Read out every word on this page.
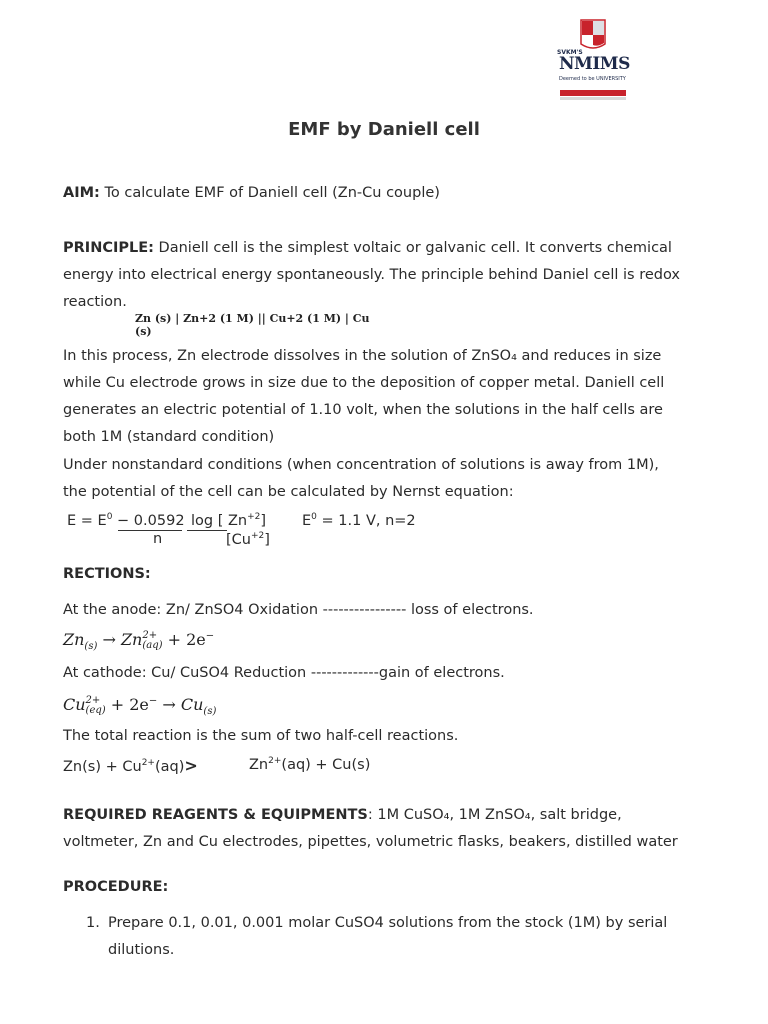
SVKM'S
NMIMS
Deemed to be UNIVERSITY
EMF by Daniell cell
AIM: To calculate EMF of Daniell cell (Zn-Cu couple)
PRINCIPLE: Daniell cell is the simplest voltaic or galvanic cell. It converts chemical
energy into electrical energy spontaneously. The principle behind Daniel cell is redox
reaction.
Zn (s) | Zn+2 (1 M) || Cu+2 (1 M) | Cu (s)
In this process, Zn electrode dissolves in the solution of ZnSO₄ and reduces in size
while Cu electrode grows in size due to the deposition of copper metal. Daniell cell
generates an electric potential of 1.10 volt, when the solutions in the half cells are
both 1M (standard condition)
Under nonstandard conditions (when concentration of solutions is away from 1M),
the potential of the cell can be calculated by Nernst equation:
$E = E^0 - 0.0592$ log [ $Zn^{+2}$]
n	$[Cu^{+2}]$
$E^0 = 1.1$ V, n=2
RECTIONS:
At the anode: Zn/ ZnSO4 Oxidation ---------------- loss of electrons.
$Zn_{(s)} \to Zn$ 2+
(aq) + 2e−
At cathode: Cu/ CuSO4 Reduction -------------gain of electrons.
Cu 2+
$(eq) + 2e^- \to Cu_{(s)}$
The total reaction is the sum of two half-cell reactions.
$Zn(s) + Cu^{2+}(aq)>$	$Zn^{2+}(aq) + Cu(s)$
REQUIRED REAGENTS & EQUIPMENTS: 1M CuSO₄, 1M ZnSO₄, salt bridge,
voltmeter, Zn and Cu electrodes, pipettes, volumetric flasks, beakers, distilled water
PROCEDURE:
1. Prepare 0.1, 0.01, 0.001 molar CuSO4 solutions from the stock (1M) by serial
dilutions.
